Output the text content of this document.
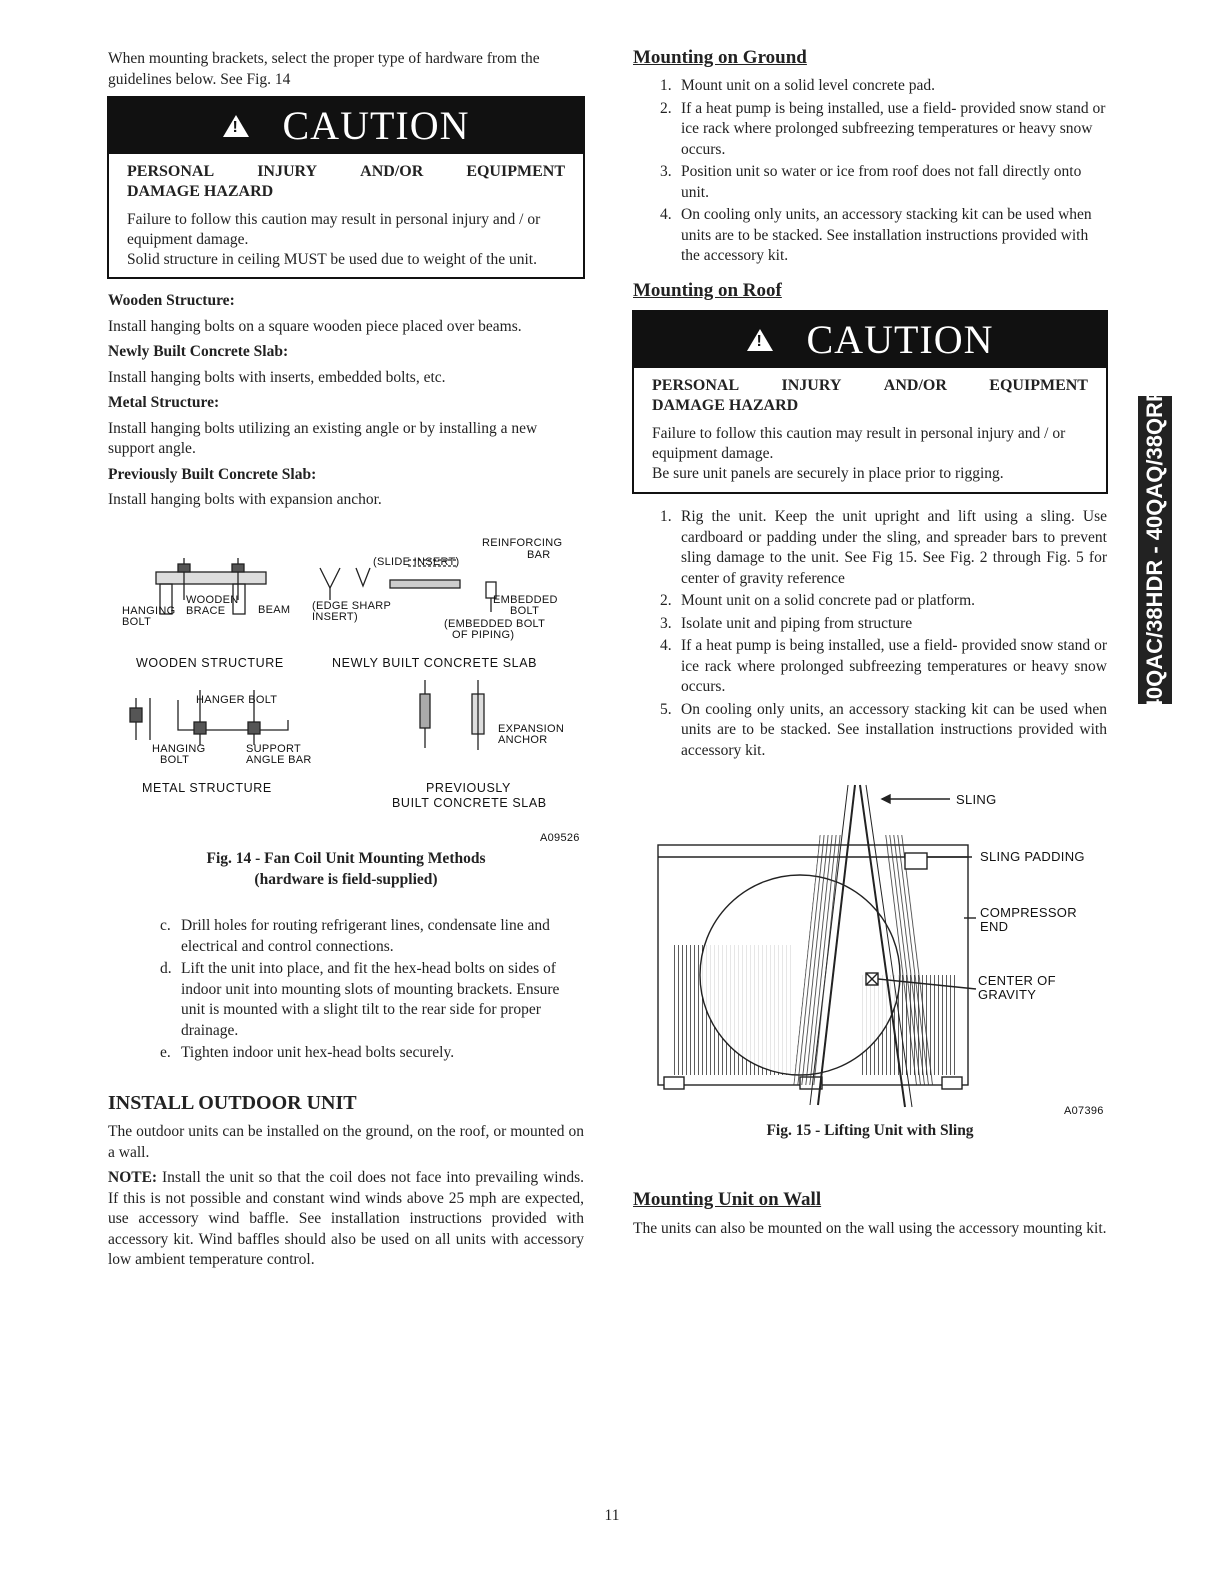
When mounting brackets, select the proper type of hardware from the guidelines below. See Fig. 14

!
CAUTION
PERSONAL	INJURY	AND/OR	EQUIPMENT
DAMAGE HAZARD

Failure to follow this caution may result in personal injury and / or equipment damage.

Solid structure in ceiling MUST be used due to weight of the unit.

Wooden Structure:

Install hanging bolts on a square wooden piece placed over beams.

Newly Built Concrete Slab:

Install hanging bolts with inserts, embedded bolts, etc.

Metal Structure:

Install hanging bolts utilizing an existing angle or by installing a new support angle.

Previously Built Concrete Slab:

Install hanging bolts with expansion anchor.

REINFORCING
BAR
(SLIDE INSERT)
WOODEN
BRACE	BEAM
HANGING
BOLT
(EDGE SHARP
INSERT)
EMBEDDED
BOLT
(EMBEDDED BOLT
OF PIPING)
WOODEN STRUCTURE	NEWLY BUILT CONCRETE SLAB
HANGER BOLT
HANGING
BOLT
SUPPORT
ANGLE BAR
EXPANSION
ANCHOR
METAL STRUCTURE	PREVIOUSLY
BUILT CONCRETE SLAB
A09526

Fig. 14 - Fan Coil Unit Mounting Methods

(hardware is field-supplied)

c. Drill holes for routing refrigerant lines, condensate line and electrical and control connections.
d. Lift the unit into place, and fit the hex-head bolts on sides of indoor unit into mounting slots of mounting brackets. Ensure unit is mounted with a slight tilt to the rear side for proper drainage.
e. Tighten indoor unit hex-head bolts securely.

INSTALL OUTDOOR UNIT

The outdoor units can be installed on the ground, on the roof, or mounted on a wall.

NOTE: Install the unit so that the coil does not face into prevailing winds. If this is not possible and constant wind winds above 25 mph are expected, use accessory wind baffle. See installation instructions provided with accessory kit. Wind baffles should also be used on all units with accessory low ambient temperature control.

Mounting on Ground

1. Mount unit on a solid level concrete pad.
2. If a heat pump is being installed, use a field- provided snow stand or ice rack where prolonged subfreezing temperatures or heavy snow occurs.
3. Position unit so water or ice from roof does not fall directly onto unit.
4. On cooling only units, an accessory stacking kit can be used when units are to be stacked. See installation instructions provided with the accessory kit.

Mounting on Roof

!
CAUTION
PERSONAL	INJURY	AND/OR	EQUIPMENT
DAMAGE HAZARD

Failure to follow this caution may result in personal injury and / or equipment damage.

Be sure unit panels are securely in place prior to rigging.

1. Rig the unit. Keep the unit upright and lift using a sling. Use cardboard or padding under the sling, and spreader bars to prevent sling damage to the unit. See Fig 15. See Fig. 2 through Fig. 5 for center of gravity reference
2. Mount unit on a solid concrete pad or platform.
3. Isolate unit and piping from structure
4. If a heat pump is being installed, use a field- provided snow stand or ice rack where prolonged subfreezing temperatures or heavy snow occurs.
5. On cooling only units, an accessory stacking kit can be used when units are to be stacked. See installation instructions provided with accessory kit.
SLING
SLING PADDING
COMPRESSOR
END
CENTER OF
GRAVITY
A07396

Fig. 15 - Lifting Unit with Sling

Mounting Unit on Wall

The units can also be mounted on the wall using the accessory mounting kit.

40QAC/38HDR - 40QAQ/38QRF

11
